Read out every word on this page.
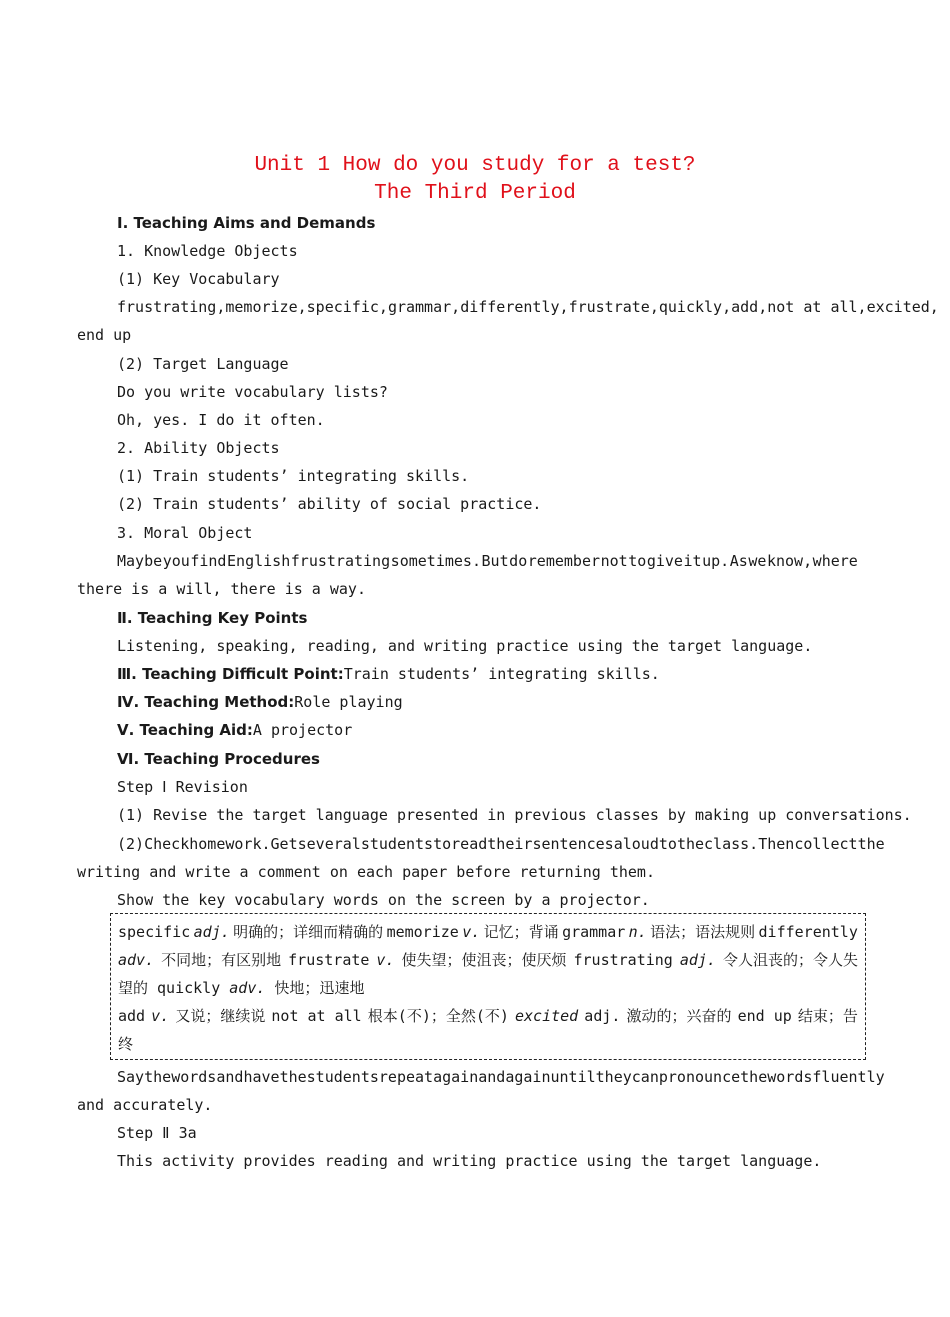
Unit 1 How do you study for a test?
The Third Period
Ⅰ. Teaching Aims and Demands
1. Knowledge Objects
(1) Key Vocabulary
frustrating, memorize, specific, grammar, differently, frustrate, quickly, add, not at all, excited,
end up
(2) Target Language
Do you write vocabulary lists?
Oh, yes. I do it often.
2. Ability Objects
(1) Train students’ integrating skills.
(2) Train students’ ability of social practice.
3. Moral Object
Maybe you find English frustrating sometimes. But do remember not to give it up. As we know, where
there is a will, there is a way.
Ⅱ. Teaching Key Points
Listening, speaking, reading, and writing practice using the target language.
Ⅲ. Teaching Difficult Point:Train students’ integrating skills.
Ⅳ. Teaching Method:Role playing
Ⅴ. Teaching Aid:A projector
Ⅵ. Teaching Procedures
Step Ⅰ Revision
(1) Revise the target language presented in previous classes by making up conversations.
(2) Check homework. Get several students to read their sentences aloud to the class. Then collect the
writing and write a comment on each paper before returning them.
Show the key vocabulary words on the screen by a projector.
specific adj. 明确的；详细而精确的 memorize v. 记忆；背诵 grammar n. 语法；语法规则 differently
adv. 不同地；有区别地 frustrate v. 使失望；使沮丧；使厌烦 frustrating adj. 令人沮丧的；令人失
望的 quickly adv. 快地；迅速地
add v. 又说；继续说 not at all 根本(不)；全然(不) excited adj. 激动的；兴奋的 end up 结束；告
终
Say the words and have the students repeat again and again until they can pronounce the words fluently
and accurately.
Step Ⅱ 3a
This activity provides reading and writing practice using the target language.
